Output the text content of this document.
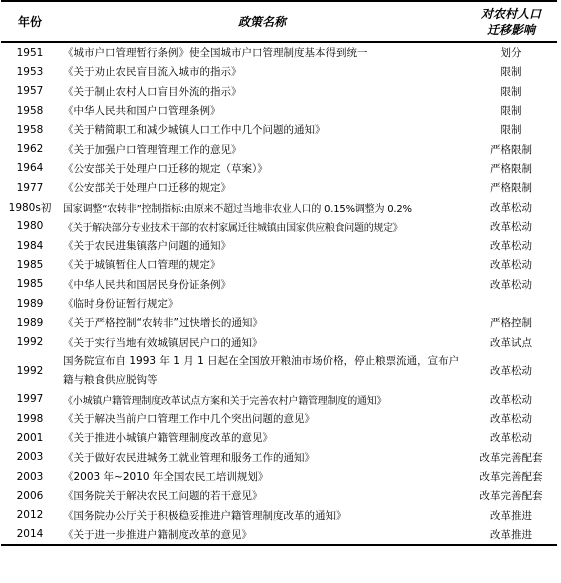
年份	政策名称	对农村人口
迁移影响

1951	《城市户口管理暂行条例》使全国城市户口管理制度基本得到统一	划分
1953	《关于劝止农民盲目流入城市的指示》	限制
1957	《关于制止农村人口盲目外流的指示》	限制
1958	《中华人民共和国户口管理条例》	限制
1958	《关于精简职工和减少城镇人口工作中几个问题的通知》	限制
1962	《关于加强户口管理管理工作的意见》	严格限制
1964	《公安部关于处理户口迁移的规定（草案）》	严格限制
1977	《公安部关于处理户口迁移的规定》	严格限制
1980s初	国家调整“农转非”控制指标:由原来不超过当地非农业人口的 0.15%调整为 0.2%	改革松动
1980	《关于解决部分专业技术干部的农村家属迁往城镇由国家供应粮食问题的规定》	改革松动
1984	《关于农民进集镇落户问题的通知》	改革松动
1985	《关于城镇暂住人口管理的规定》	改革松动
1985	《中华人民共和国居民身份证条例》	改革松动
1989	《临时身份证暂行规定》	
1989	《关于严格控制“农转非”过快增长的通知》	严格控制
1992	《关于实行当地有效城镇居民户口的通知》	改革试点
1992	国务院宣布自 1993 年 1 月 1 日起在全国放开粮油市场价格，停止粮票流通，宣布户籍与粮食供应脱钩等	改革松动
1997	《小城镇户籍管理制度改革试点方案和关于完善农村户籍管理制度的通知》	改革松动
1998	《关于解决当前户口管理工作中几个突出问题的意见》	改革松动
2001	《关于推进小城镇户籍管理制度改革的意见》	改革松动
2003	《关于做好农民进城务工就业管理和服务工作的通知》	改革完善配套
2003	《2003 年~2010 年全国农民工培训规划》	改革完善配套
2006	《国务院关于解决农民工问题的若干意见》	改革完善配套
2012	《国务院办公厅关于积极稳妥推进户籍管理制度改革的通知》	改革推进
2014	《关于进一步推进户籍制度改革的意见》	改革推进
